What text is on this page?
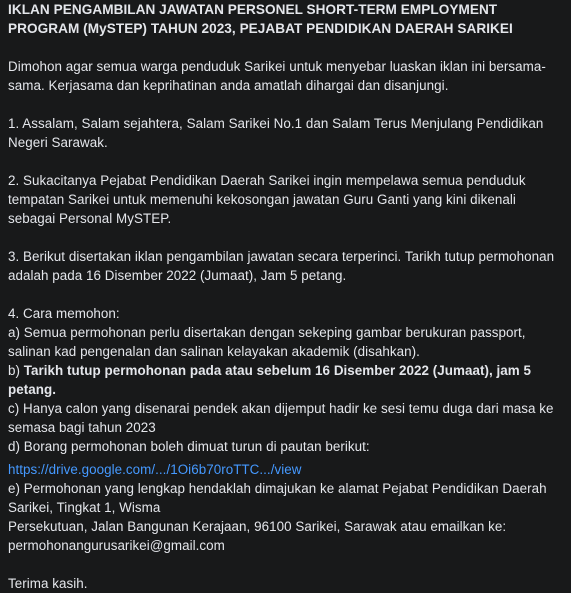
IKLAN PENGAMBILAN JAWATAN PERSONEL SHORT-TERM EMPLOYMENT PROGRAM (MySTEP) TAHUN 2023, PEJABAT PENDIDIKAN DAERAH SARIKEI

Dimohon agar semua warga penduduk Sarikei untuk menyebar luaskan iklan ini bersama-sama. Kerjasama dan keprihatinan anda amatlah dihargai dan disanjungi.

1. Assalam, Salam sejahtera, Salam Sarikei No.1 dan Salam Terus Menjulang Pendidikan Negeri Sarawak.

2. Sukacitanya Pejabat Pendidikan Daerah Sarikei ingin mempelawa semua penduduk tempatan Sarikei untuk memenuhi kekosongan jawatan Guru Ganti yang kini dikenali sebagai Personal MySTEP.

3. Berikut disertakan iklan pengambilan jawatan secara terperinci. Tarikh tutup permohonan adalah pada 16 Disember 2022 (Jumaat), Jam 5 petang.

4. Cara memohon:

a) Semua permohonan perlu disertakan dengan sekeping gambar berukuran passport, salinan kad pengenalan dan salinan kelayakan akademik (disahkan).

b) Tarikh tutup permohonan pada atau sebelum 16 Disember 2022 (Jumaat), jam 5 petang.

c) Hanya calon yang disenarai pendek akan dijemput hadir ke sesi temu duga dari masa ke semasa bagi tahun 2023

d) Borang permohonan boleh dimuat turun di pautan berikut:

https://drive.google.com/.../1Oi6b70roTTC.../view

e) Permohonan yang lengkap hendaklah dimajukan ke alamat Pejabat Pendidikan Daerah Sarikei, Tingkat 1, Wisma

Persekutuan, Jalan Bangunan Kerajaan, 96100 Sarikei, Sarawak atau emailkan ke: permohonangurusarikei@gmail.com

Terima kasih.
